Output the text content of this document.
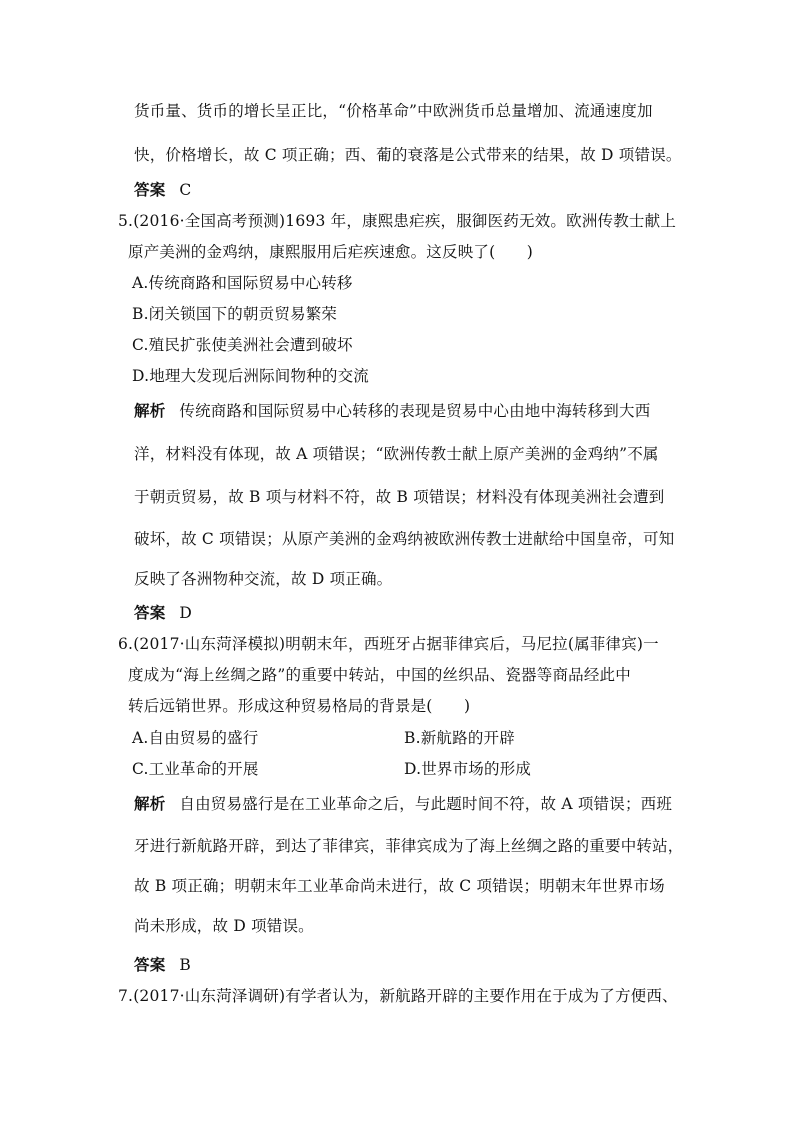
货币量、货币的增长呈正比，“价格革命”中欧洲货币总量增加、流通速度加
快，价格增长，故 C 项正确；西、葡的衰落是公式带来的结果，故 D 项错误。
答案 C
5.(2016·全国高考预测)1693 年，康熙患疟疾，服御医药无效。欧洲传教士献上
原产美洲的金鸡纳，康熙服用后疟疾速愈。这反映了(　　)
A.传统商路和国际贸易中心转移
B.闭关锁国下的朝贡贸易繁荣
C.殖民扩张使美洲社会遭到破坏
D.地理大发现后洲际间物种的交流
解析 传统商路和国际贸易中心转移的表现是贸易中心由地中海转移到大西
洋，材料没有体现，故 A 项错误；“欧洲传教士献上原产美洲的金鸡纳”不属
于朝贡贸易，故 B 项与材料不符，故 B 项错误；材料没有体现美洲社会遭到
破坏，故 C 项错误；从原产美洲的金鸡纳被欧洲传教士进献给中国皇帝，可知
反映了各洲物种交流，故 D 项正确。
答案 D
6.(2017·山东菏泽模拟)明朝末年，西班牙占据菲律宾后，马尼拉(属菲律宾)一
度成为“海上丝绸之路”的重要中转站，中国的丝织品、瓷器等商品经此中
转后远销世界。形成这种贸易格局的背景是(　　)
A.自由贸易的盛行	B.新航路的开辟
C.工业革命的开展	D.世界市场的形成
解析 自由贸易盛行是在工业革命之后，与此题时间不符，故 A 项错误；西班
牙进行新航路开辟，到达了菲律宾，菲律宾成为了海上丝绸之路的重要中转站，
故 B 项正确；明朝末年工业革命尚未进行，故 C 项错误；明朝末年世界市场
尚未形成，故 D 项错误。
答案 B
7.(2017·山东菏泽调研)有学者认为，新航路开辟的主要作用在于成为了方便西、
